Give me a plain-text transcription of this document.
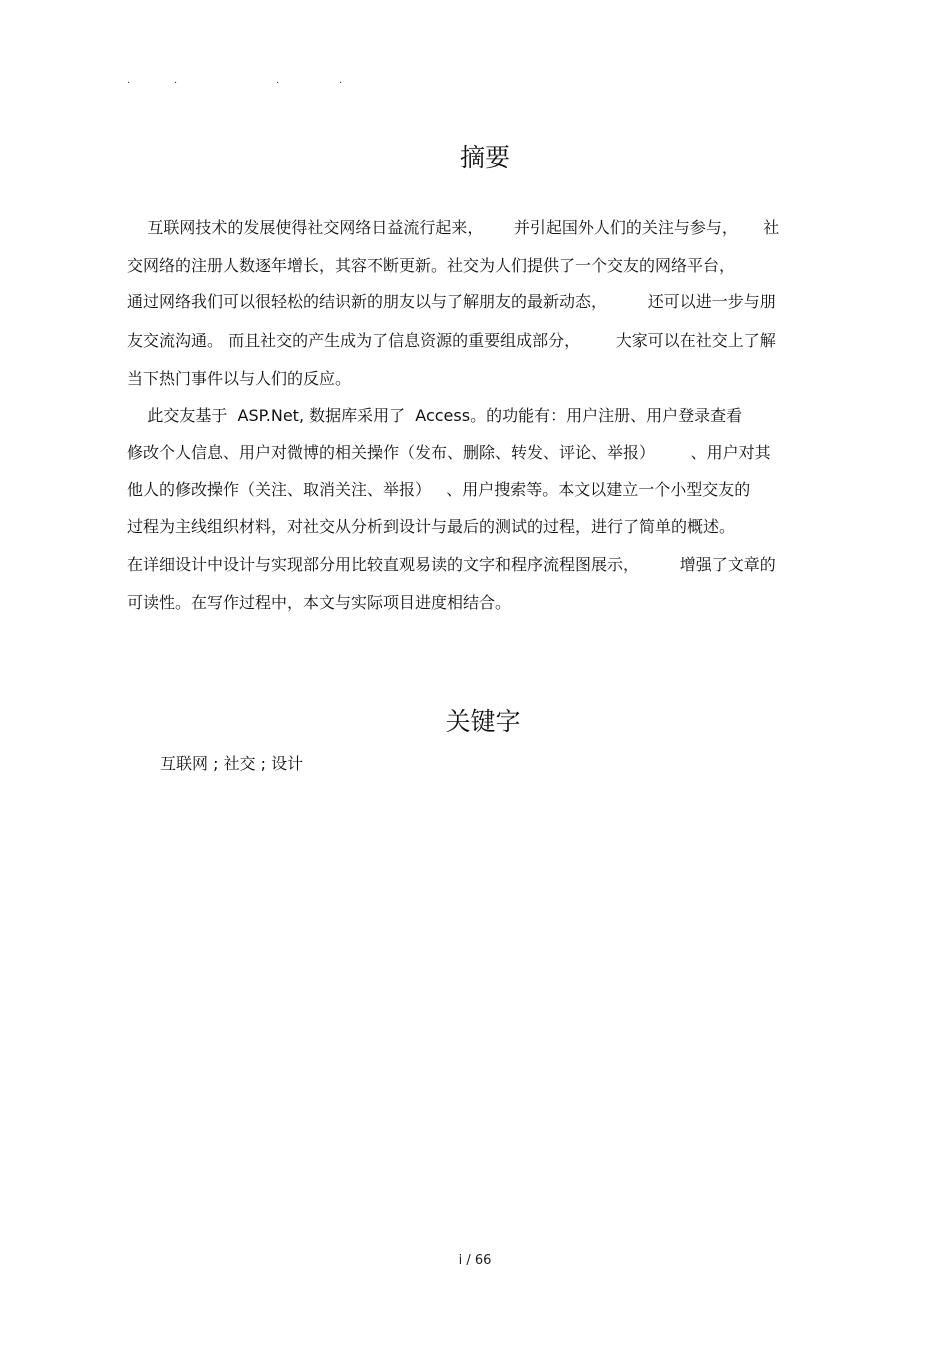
.	.	.	.
摘要

互联网技术的发展使得社交网络日益流行起来，      并引起国外人们的关注与参与，     社

交网络的注册人数逐年增长，其容不断更新。社交为人们提供了一个交友的网络平台，

通过网络我们可以很轻松的结识新的朋友以与了解朋友的最新动态，        还可以进一步与朋

友交流沟通。 而且社交的产生成为了信息资源的重要组成部分，       大家可以在社交上了解

当下热门事件以与人们的反应。

此交友基于  ASP.Net, 数据库采用了  Access。的功能有：用户注册、用户登录查看

修改个人信息、用户对微博的相关操作（发布、删除、转发、评论、举报）       、用户对其

他人的修改操作（关注、取消关注、举报）   、用户搜索等。本文以建立一个小型交友的

过程为主线组织材料，对社交从分析到设计与最后的测试的过程，进行了简单的概述。

在详细设计中设计与实现部分用比较直观易读的文字和程序流程图展示，        增强了文章的

可读性。在写作过程中，本文与实际项目进度相结合。

关键字
互联网 ; 社交 ; 设计
i / 66
